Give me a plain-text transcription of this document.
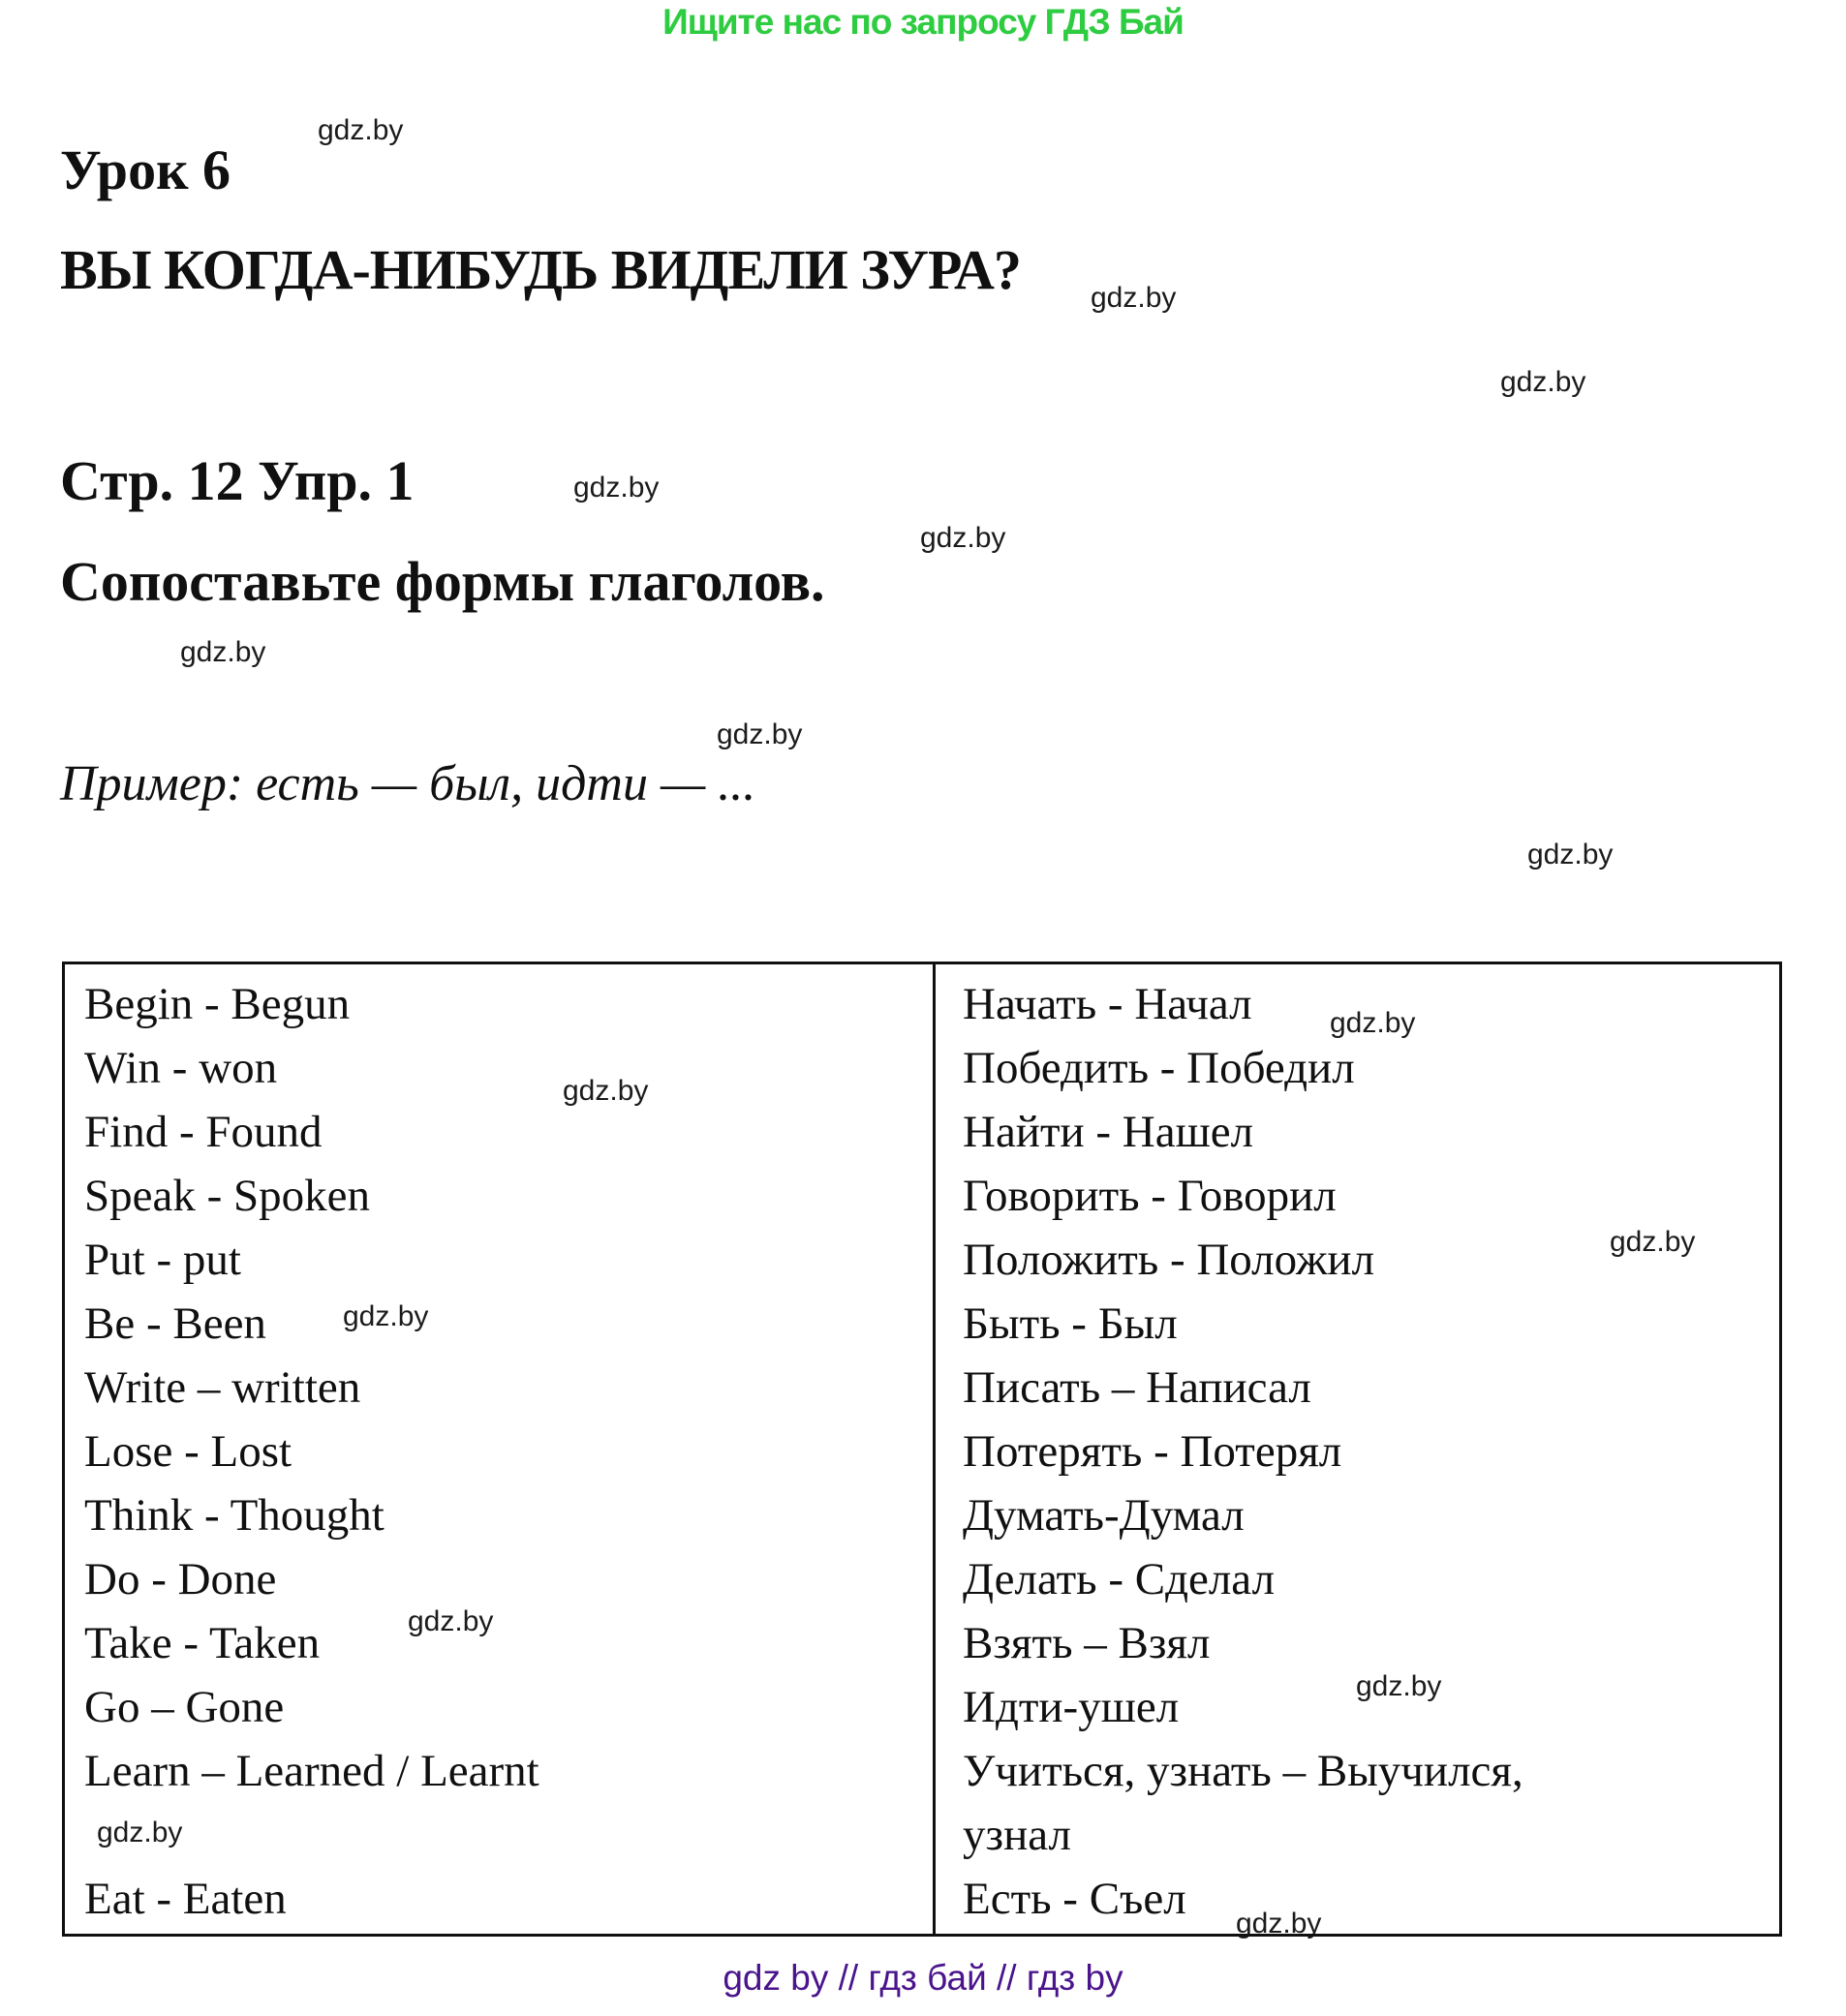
Ищите нас по запросу ГДЗ Бай
gdz.by
gdz.by
gdz.by
gdz.by
gdz.by
gdz.by
gdz.by
gdz.by
gdz.by
gdz.by
gdz.by
gdz.by
gdz.by
gdz.by
gdz.by
gdz.by
Урок 6
ВЫ КОГДА-НИБУДЬ ВИДЕЛИ ЗУРА?
Стр. 12 Упр. 1
Сопоставьте формы глаголов.
Пример: есть — был, идти — ...
Begin - Begun
Win - won
Find - Found
Speak - Spoken
Put - put
Be - Been
Write – written
Lose - Lost
Think - Thought
Do - Done
Take - Taken
Go – Gone
Learn – Learned / Learnt
Eat - Eaten
Начать - Начал
Победить - Победил
Найти - Нашел
Говорить - Говорил
Положить - Положил
Быть - Был
Писать – Написал
Потерять - Потерял
Думать-Думал
Делать - Сделал
Взять – Взял
Идти-ушел
Учиться, узнать – Выучился,
узнал
Есть - Съел
gdz by // гдз бай // гдз by
